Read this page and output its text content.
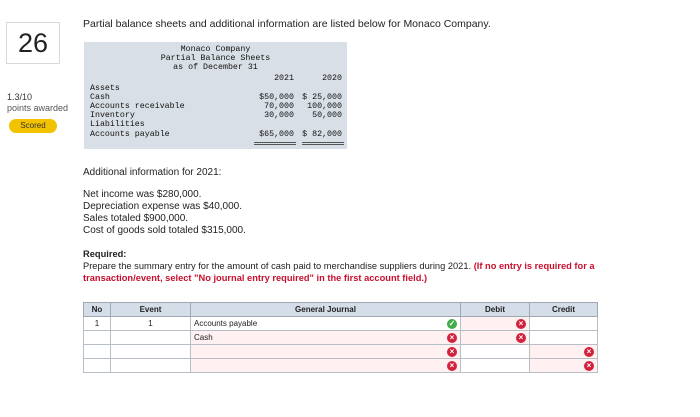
26
1.3/10
points awarded
Scored
Partial balance sheets and additional information are listed below for Monaco Company.
Monaco Company
Partial Balance Sheets
as of December 31
2021	2020
Assets
Cash	$50,000 $ 25,000
Accounts receivable	70,000	100,000
Inventory	30,000	50,000
Liabilities
Accounts payable	$65,000 $ 82,000
Additional information for 2021:
Net income was $280,000.
Depreciation expense was $40,000.
Sales totaled $900,000.
Cost of goods sold totaled $315,000.
Required:
Prepare the summary entry for the amount of cash paid to merchandise suppliers during 2021. (If no entry is required for a transaction/event, select "No journal entry required" in the first account field.)
No	Event	General Journal	Debit	Credit
1	1	Accounts payable ✓	×	

		Cash ×	×	

		×		×

		×		×
